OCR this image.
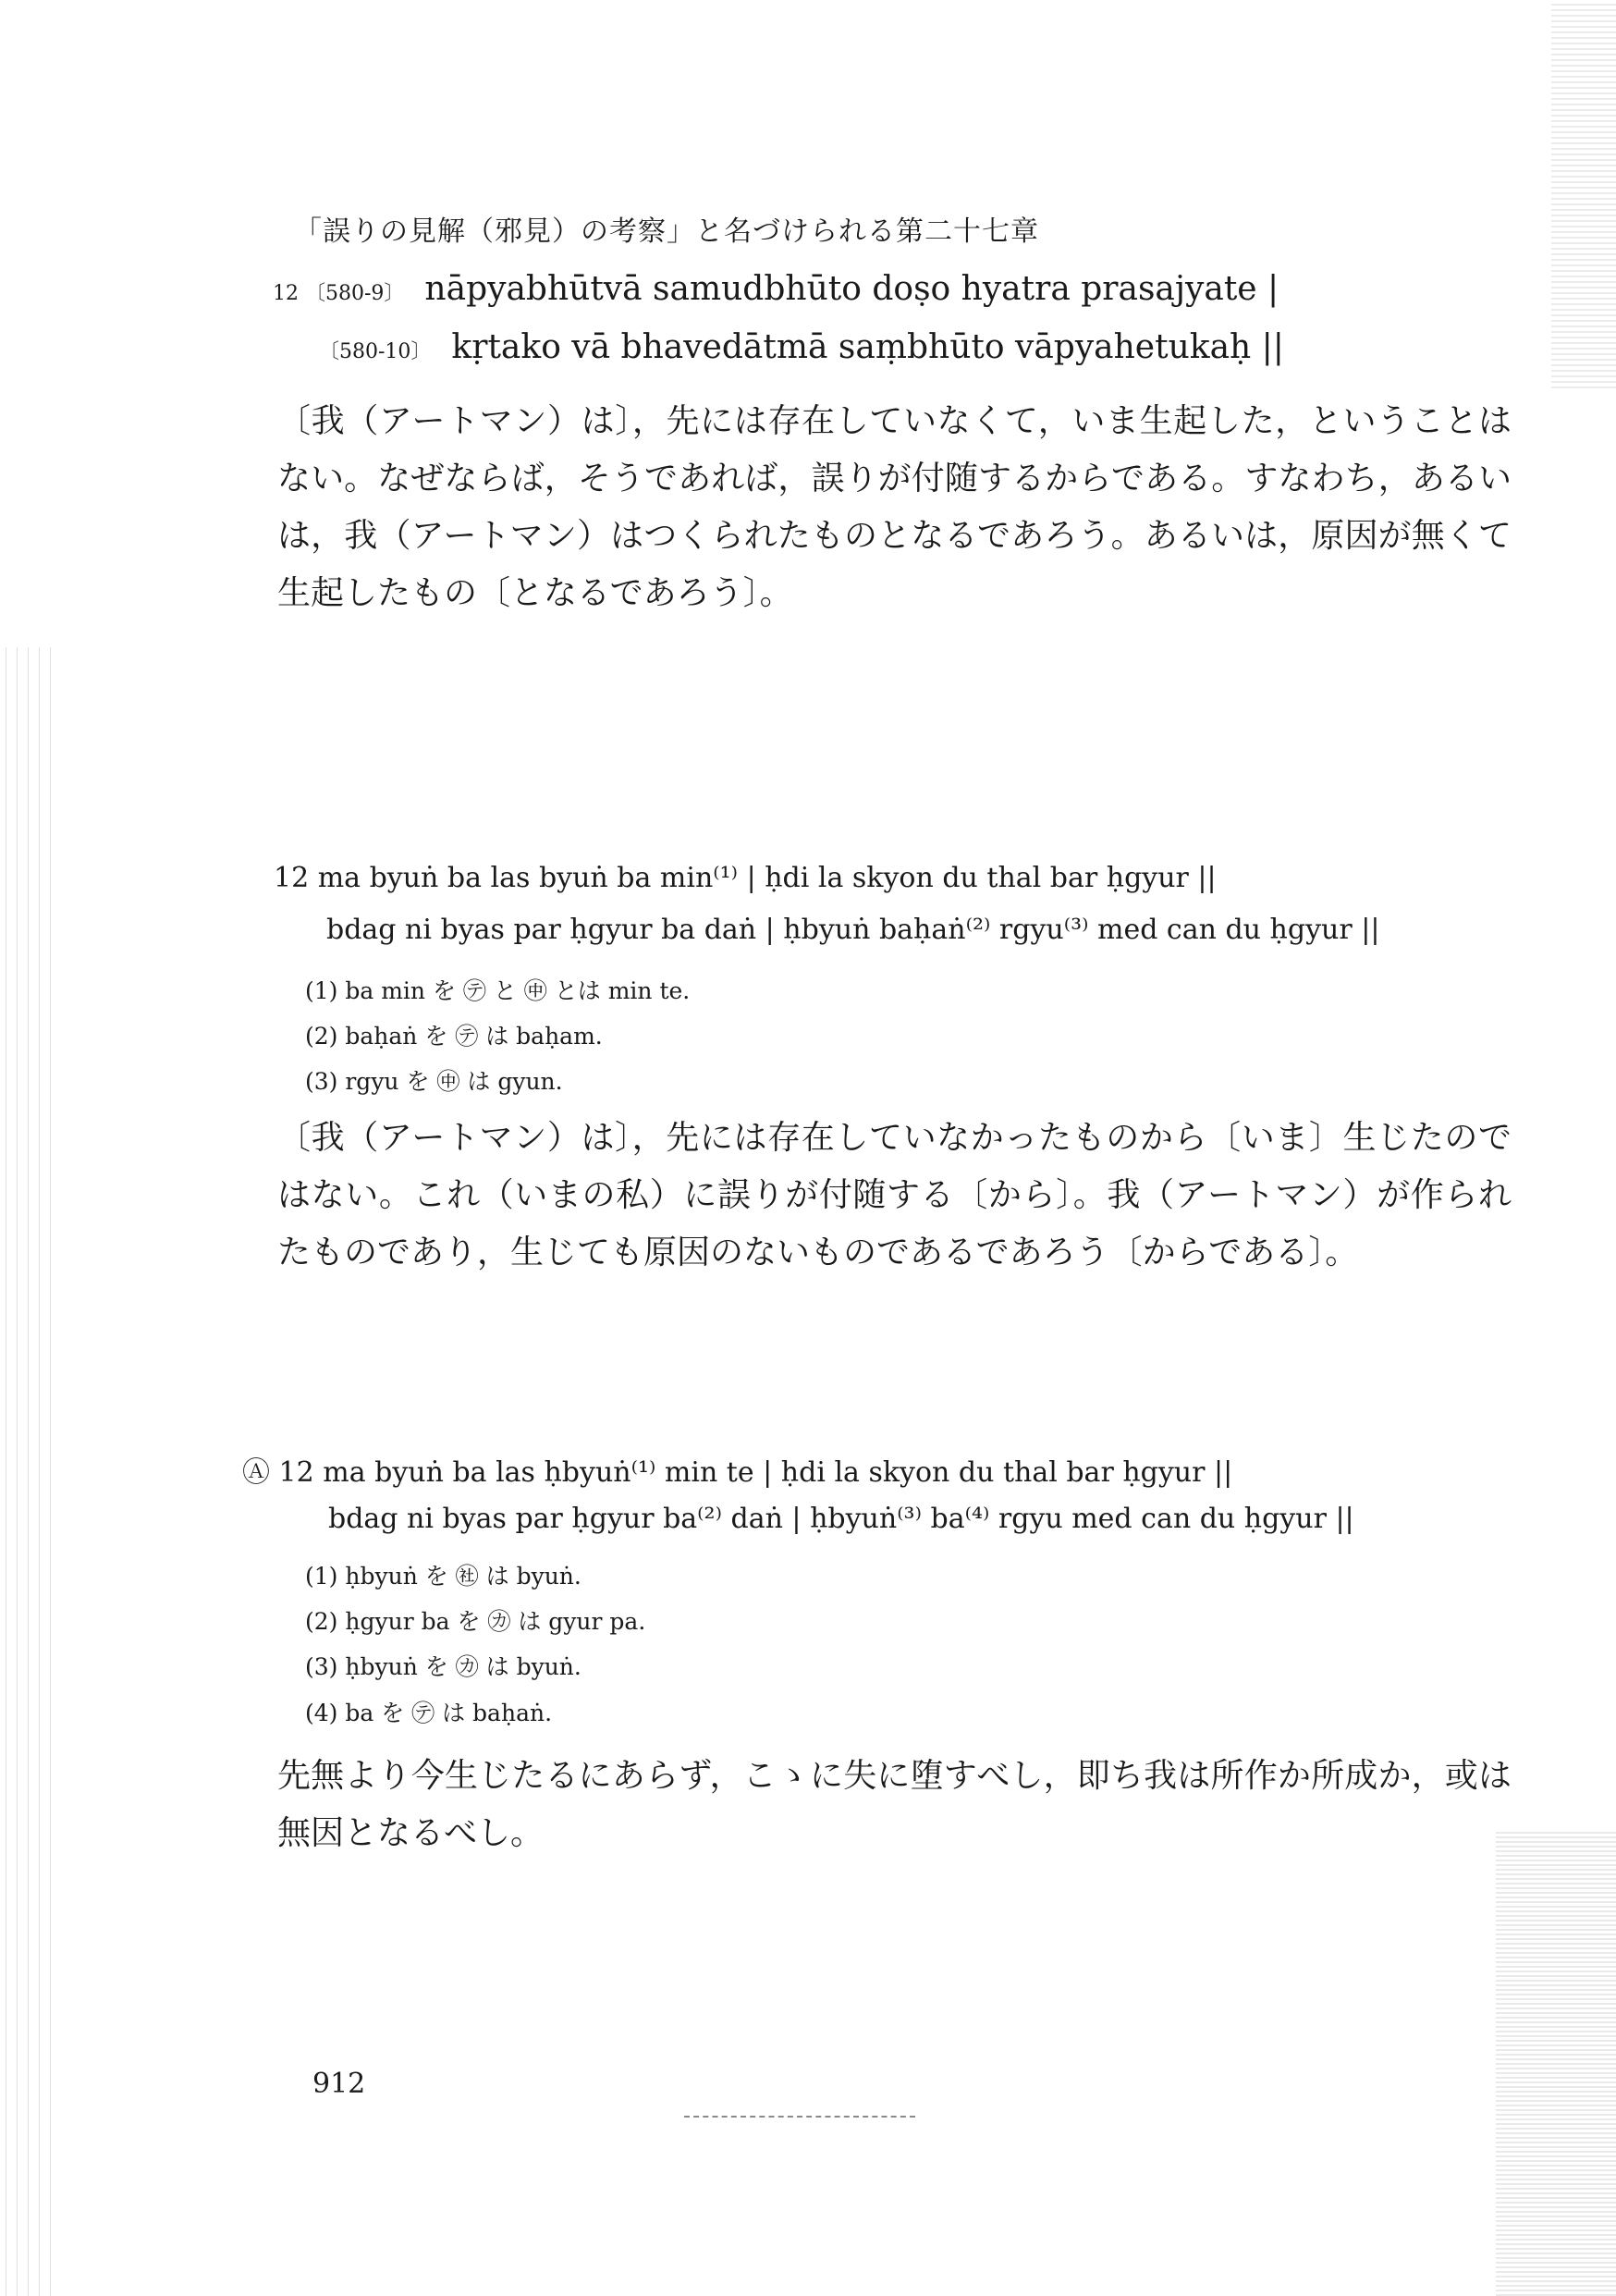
「誤りの見解（邪見）の考察」と名づけられる第二十七章
12 〔580-9〕 nāpyabhūtvā samudbhūto doṣo hyatra prasajyate |
〔580-10〕 kṛtako vā bhavedātmā saṃbhūto vāpyahetukaḥ ||
〔我（アートマン）は〕，先には存在していなくて，いま生起した，ということはない。なぜならば，そうであれば，誤りが付随するからである。すなわち，あるいは，我（アートマン）はつくられたものとなるであろう。あるいは，原因が無くて生起したもの〔となるであろう〕。
12 ma byuṅ ba las byuṅ ba min⁽¹⁾ | ḥdi la skyon du thal bar ḥgyur ||
bdag ni byas par ḥgyur ba daṅ | ḥbyuṅ baḥaṅ⁽²⁾ rgyu⁽³⁾ med can du ḥgyur ||
(1) ba min を ㋢ と ㊥ とは min te.
(2) baḥaṅ を ㋢ は baḥam.
(3) rgyu を ㊥ は gyun.
〔我（アートマン）は〕，先には存在していなかったものから〔いま〕生じたのではない。これ（いまの私）に誤りが付随する〔から〕。我（アートマン）が作られたものであり，生じても原因のないものであるであろう〔からである〕。
Ⓐ 12 ma byuṅ ba las ḥbyuṅ⁽¹⁾ min te | ḥdi la skyon du thal bar ḥgyur ||
bdag ni byas par ḥgyur ba⁽²⁾ daṅ | ḥbyuṅ⁽³⁾ ba⁽⁴⁾ rgyu med can du ḥgyur ||
(1) ḥbyuṅ を ㊓ は byuṅ.
(2) ḥgyur ba を ㋕ は gyur pa.
(3) ḥbyuṅ を ㋕ は byuṅ.
(4) ba を ㋢ は baḥaṅ.
先無より今生じたるにあらず，こゝに失に堕すべし，即ち我は所作か所成か，或は無因となるべし。
912
